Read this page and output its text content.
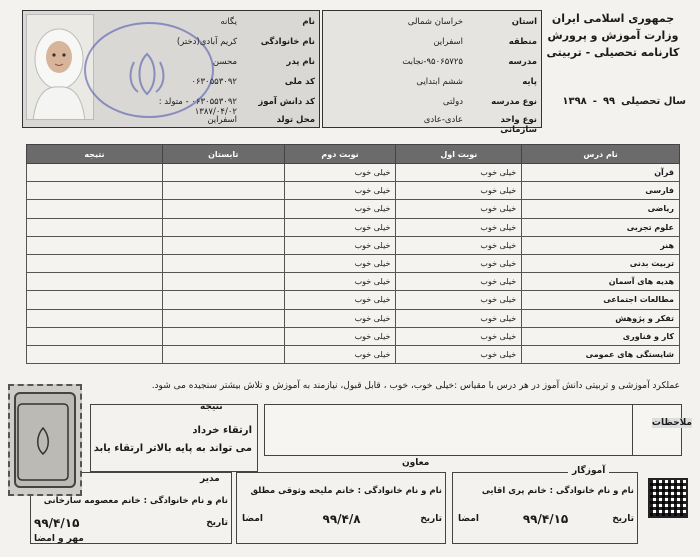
جمهوری اسلامی ایران
وزارت آموزش و پرورش
کارنامه تحصیلی - تربیتی
سال تحصیلی
۹۹
-
۱۳۹۸
استان
خراسان شمالی
منطقه
اسفراین
مدرسه
۹۵۰۶۵۷۲۵-نجابت
پایه
ششم ابتدایی
نوع مدرسه
دولتی
نوع واحد سازمانی
عادی-عادی
نام
یگانه
نام خانوادگی
کریم آبادی(دختر)
نام پدر
محسن
کد ملی
۰۶۳۰۵۵۳۰۹۲
کد دانش آموز
۰۶۳۰۵۵۳۰۹۲ - متولد : ۱۳۸۷/۰۴/۰۲
محل تولد
اسفراین
نام درس	نوبت اول	نوبت دوم	تابستان	نتیجه
قرآن	خیلی خوب	خیلی خوب		
فارسی	خیلی خوب	خیلی خوب		
ریاضی	خیلی خوب	خیلی خوب		
علوم تجربی	خیلی خوب	خیلی خوب		
هنر	خیلی خوب	خیلی خوب		
تربیت بدنی	خیلی خوب	خیلی خوب		
هدیه های آسمان	خیلی خوب	خیلی خوب		
مطالعات اجتماعی	خیلی خوب	خیلی خوب		
تفکر و پژوهش	خیلی خوب	خیلی خوب		
کار و فناوری	خیلی خوب	خیلی خوب		
شایستگی های عمومی	خیلی خوب	خیلی خوب		
عملکرد آموزشی و تربیتی دانش آموز در هر درس با مقیاس :خیلی خوب، خوب ، قابل قبول، نیازمند به آموزش و تلاش بیشتر سنجیده می شود.
ملاحظات
نتیجه
ارتقاء خرداد
می تواند به پایه بالاتر ارتقاء یابد
آموزگار
نام و نام خانوادگی : خانم پری اقایی
تاریخ
۹۹/۴/۱۵
امضا
معاون
نام و نام خانوادگی : خانم ملیحه وثوقی مطلق
تاریخ
۹۹/۴/۸
امضا
مدیر
نام و نام خانوادگی : خانم معصومه سارخانی
تاریخ
۹۹/۴/۱۵
مهر و امضا
